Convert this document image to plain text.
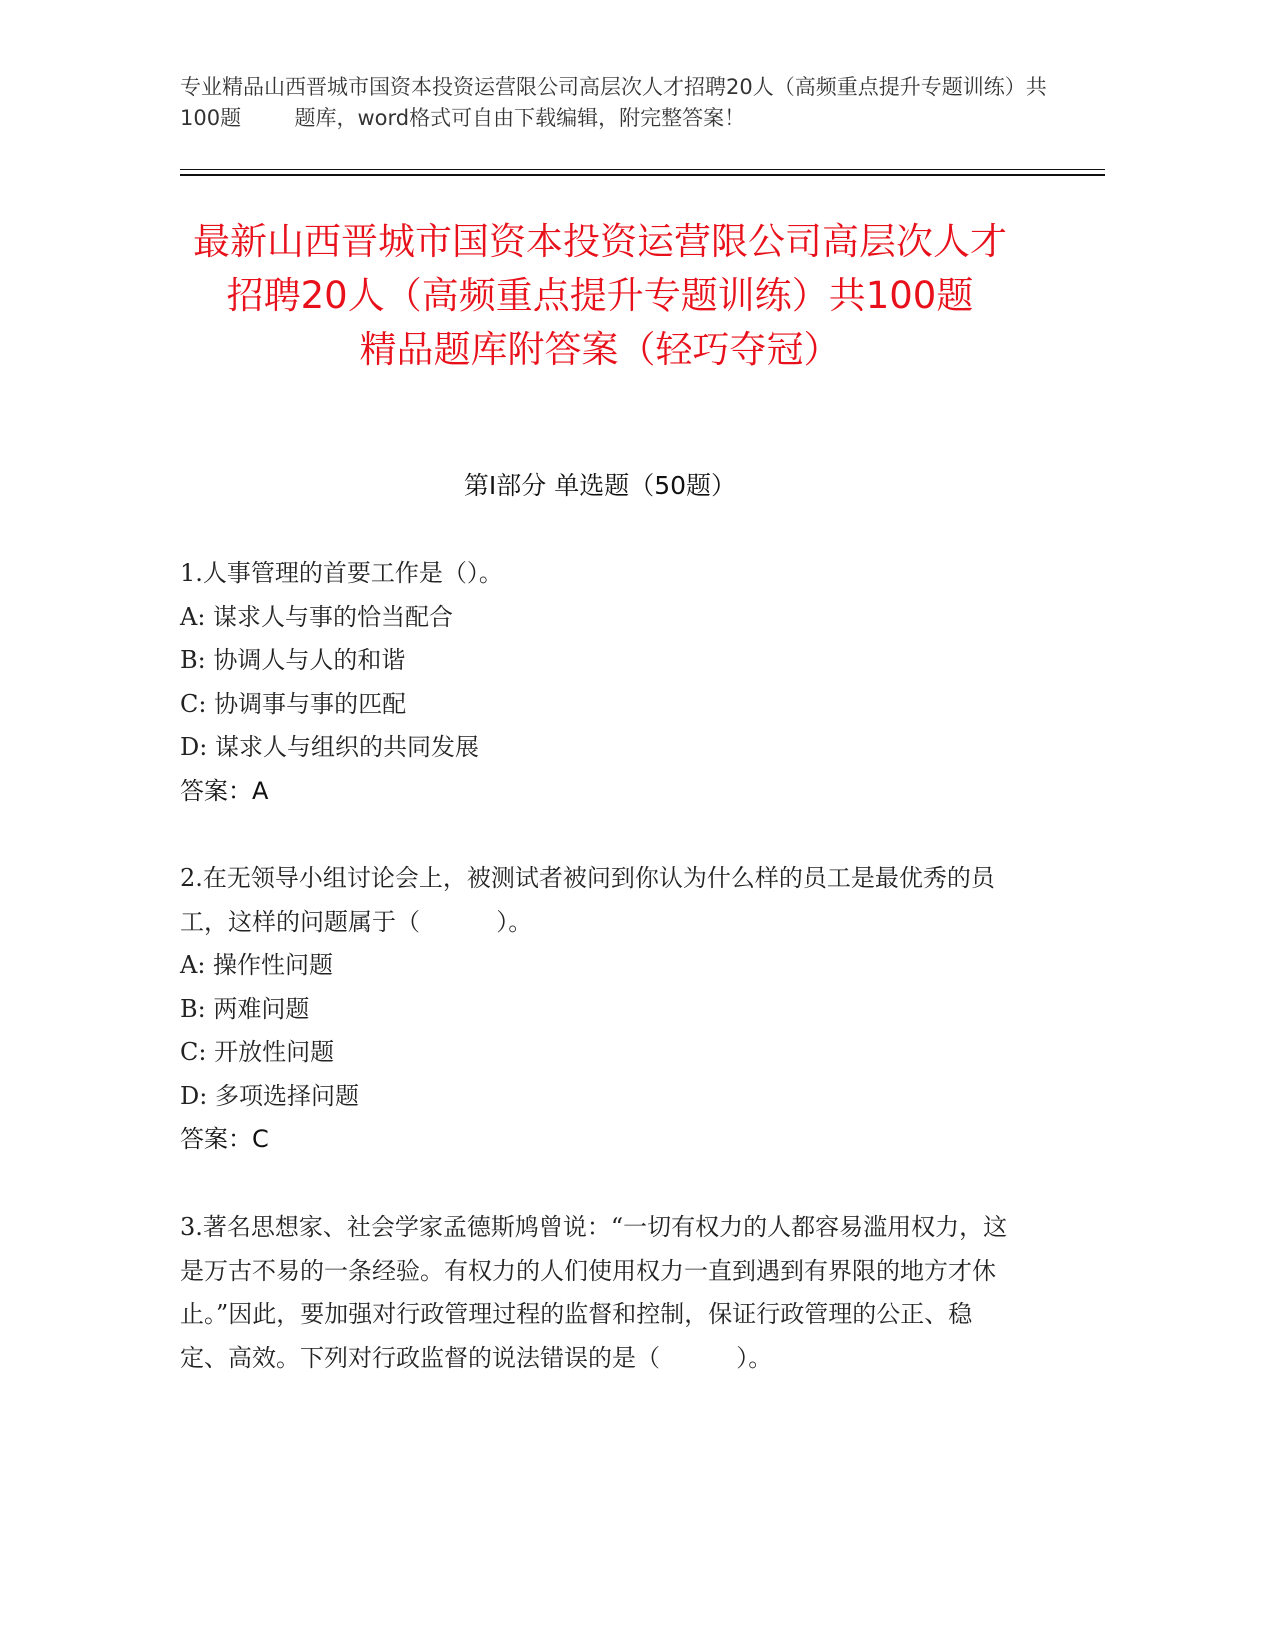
专业精品山西晋城市国资本投资运营限公司高层次人才招聘20人（高频重点提升专题训练）共100题        题库，word格式可自由下载编辑，附完整答案！
最新山西晋城市国资本投资运营限公司高层次人才招聘20人（高频重点提升专题训练）共100题          精品题库附答案（轻巧夺冠）
第Ⅰ部分 单选题（50题）
1.人事管理的首要工作是（）。
A: 谋求人与事的恰当配合
B: 协调人与人的和谐
C: 协调事与事的匹配
D: 谋求人与组织的共同发展
答案：A
2.在无领导小组讨论会上，被测试者被问到你认为什么样的员工是最优秀的员工，这样的问题属于（          ）。
A: 操作性问题
B: 两难问题
C: 开放性问题
D: 多项选择问题
答案：C
3.著名思想家、社会学家孟德斯鸠曾说：“一切有权力的人都容易滥用权力，这是万古不易的一条经验。有权力的人们使用权力一直到遇到有界限的地方才休止。”因此，要加强对行政管理过程的监督和控制，保证行政管理的公正、稳定、高效。下列对行政监督的说法错误的是（          ）。
